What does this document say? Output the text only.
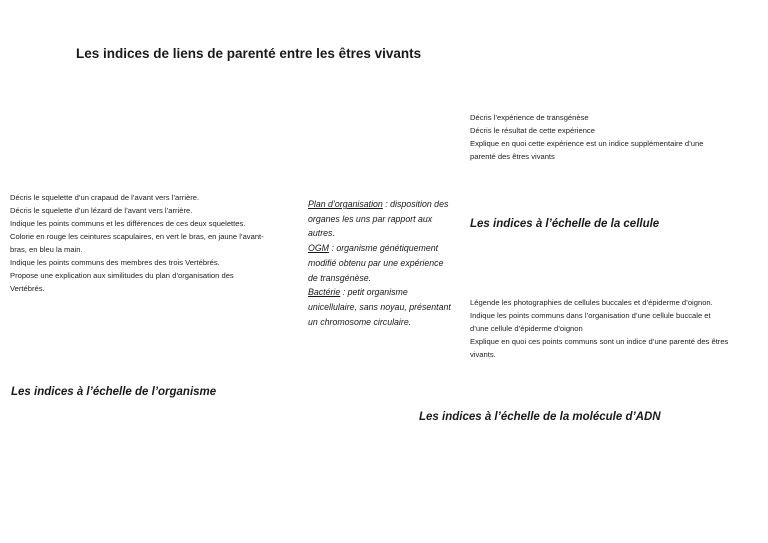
Les indices de liens de parenté entre les êtres vivants
Décris l’expérience de transgénèse
Décris le résultat de cette expérience
Explique en quoi cette expérience est un indice supplémentaire d’une
parenté des êtres vivants
Décris le squelette d’un crapaud de l’avant vers l’arrière.
Décris le squelette d’un lézard de l’avant vers l’arrière.
Indique les points communs et les différences de ces deux squelettes.
Colorie en rouge les ceintures scapulaires, en vert le bras, en jaune l’avant-
bras, en bleu la main.
Indique les points communs des membres des trois Vertébrés.
Propose une explication aux similitudes du plan d’organisation des
Vertébrés.
Plan d’organisation : disposition des
organes les uns par rapport aux
autres.
OGM : organisme génétiquement
modifié obtenu par une expérience
de transgénèse.
Bactérie : petit organisme
unicellulaire, sans noyau, présentant
un chromosome circulaire.
Les indices à l’échelle de la cellule
Légende les photographies de cellules buccales et d’épiderme d’oignon.
Indique les points communs dans l’organisation d’une cellule buccale et
d’une cellule d’épiderme d’oignon
Explique en quoi ces points communs sont un indice d’une parenté des êtres
vivants.
Les indices à l’échelle de l’organisme
Les indices à l’échelle de la molécule d’ADN
